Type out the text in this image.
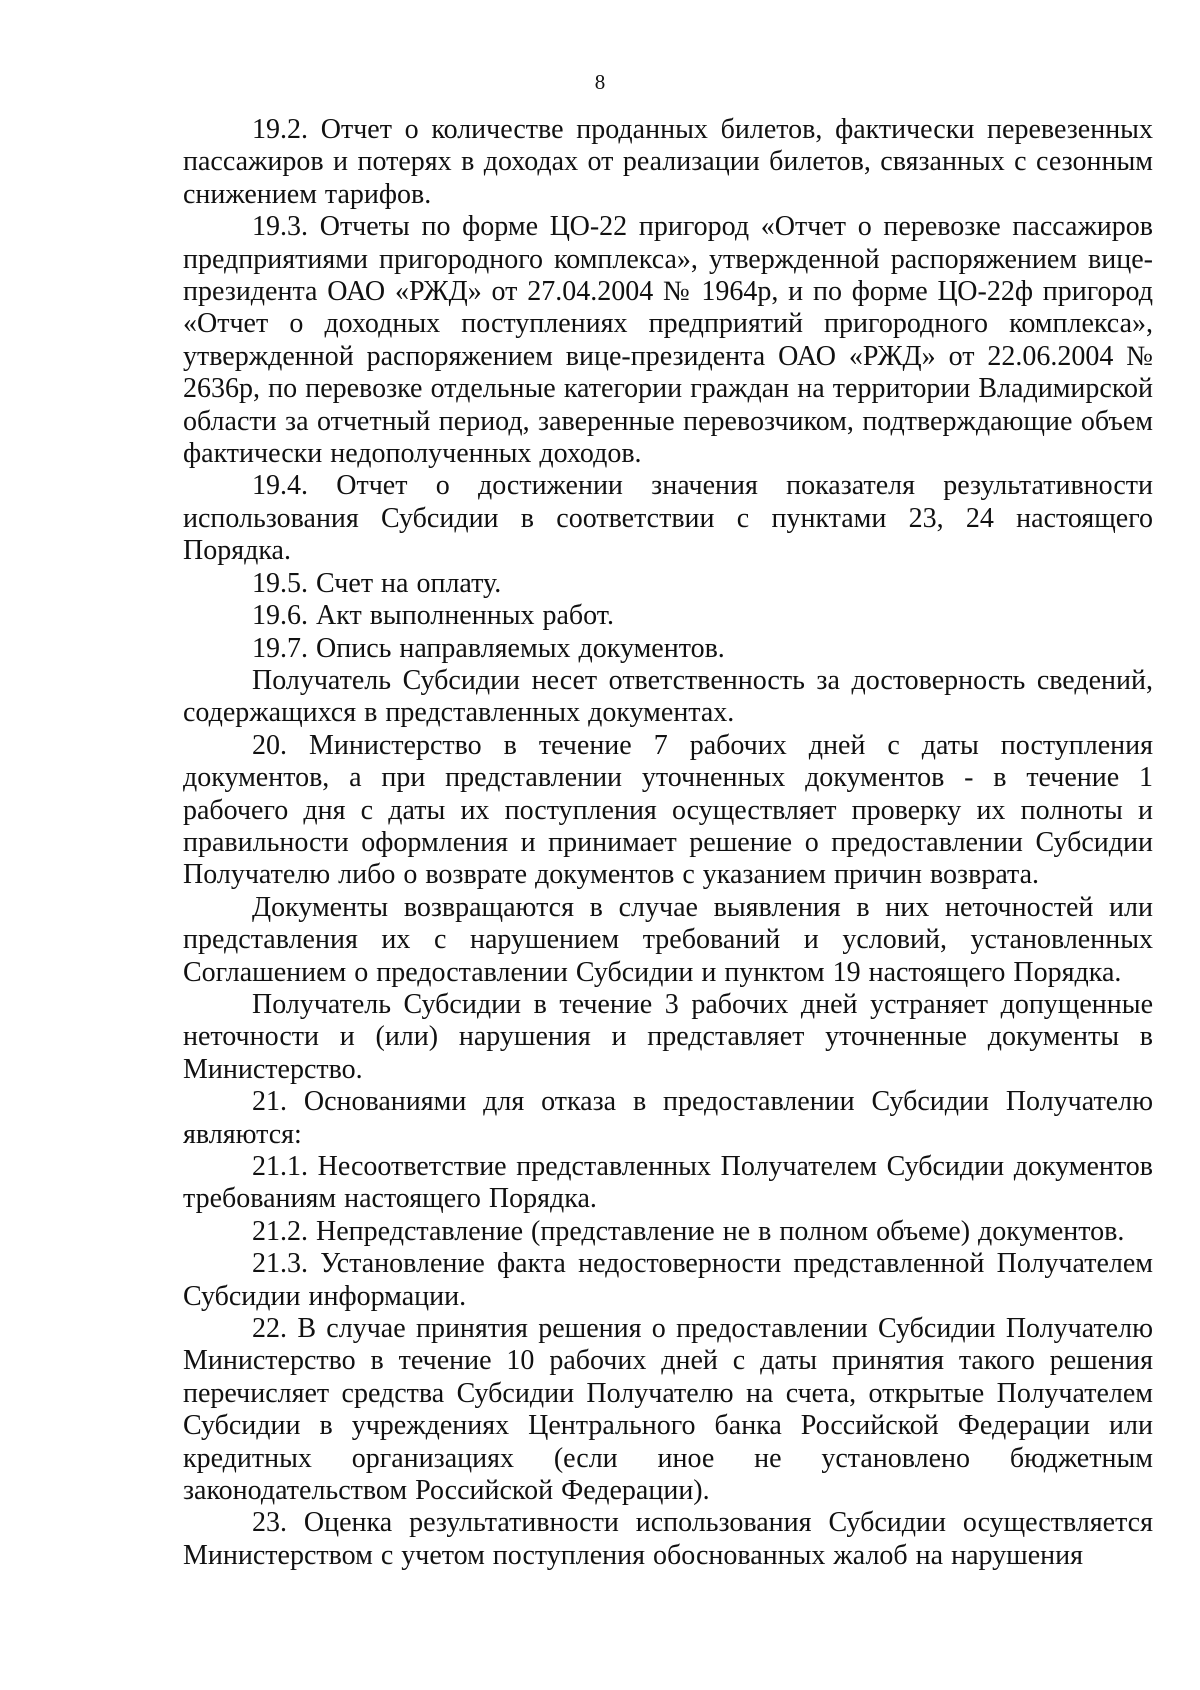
8

19.2. Отчет о количестве проданных билетов, фактически перевезенных пассажиров и потерях в доходах от реализации билетов, связанных с сезонным снижением тарифов.

19.3. Отчеты по форме ЦО-22 пригород «Отчет о перевозке пассажиров предприятиями пригородного комплекса», утвержденной распоряжением вице-президента ОАО «РЖД» от 27.04.2004 № 1964р, и по форме ЦО-22ф пригород «Отчет о доходных поступлениях предприятий пригородного комплекса», утвержденной распоряжением вице-президента ОАО «РЖД» от 22.06.2004 № 2636р, по перевозке отдельные категории граждан на территории Владимирской области за отчетный период, заверенные перевозчиком, подтверждающие объем фактически недополученных доходов.

19.4. Отчет о достижении значения показателя результативности использования Субсидии в соответствии с пунктами 23, 24 настоящего Порядка.

19.5. Счет на оплату.

19.6. Акт выполненных работ.

19.7. Опись направляемых документов.

Получатель Субсидии несет ответственность за достоверность сведений, содержащихся в представленных документах.

20. Министерство в течение 7 рабочих дней с даты поступления документов, а при представлении уточненных документов - в течение 1 рабочего дня с даты их поступления осуществляет проверку их полноты и правильности оформления и принимает решение о предоставлении Субсидии Получателю либо о возврате документов с указанием причин возврата.

Документы возвращаются в случае выявления в них неточностей или представления их с нарушением требований и условий, установленных Соглашением о предоставлении Субсидии и пунктом 19 настоящего Порядка.

Получатель Субсидии в течение 3 рабочих дней устраняет допущенные неточности и (или) нарушения и представляет уточненные документы в Министерство.

21. Основаниями для отказа в предоставлении Субсидии Получателю являются:

21.1. Несоответствие представленных Получателем Субсидии документов требованиям настоящего Порядка.

21.2. Непредставление (представление не в полном объеме) документов.

21.3. Установление факта недостоверности представленной Получателем Субсидии информации.

22. В случае принятия решения о предоставлении Субсидии Получателю Министерство в течение 10 рабочих дней с даты принятия такого решения перечисляет средства Субсидии Получателю на счета, открытые Получателем Субсидии в учреждениях Центрального банка Российской Федерации или кредитных организациях (если иное не установлено бюджетным законодательством Российской Федерации).

23. Оценка результативности использования Субсидии осуществляется Министерством с учетом поступления обоснованных жалоб на нарушения
